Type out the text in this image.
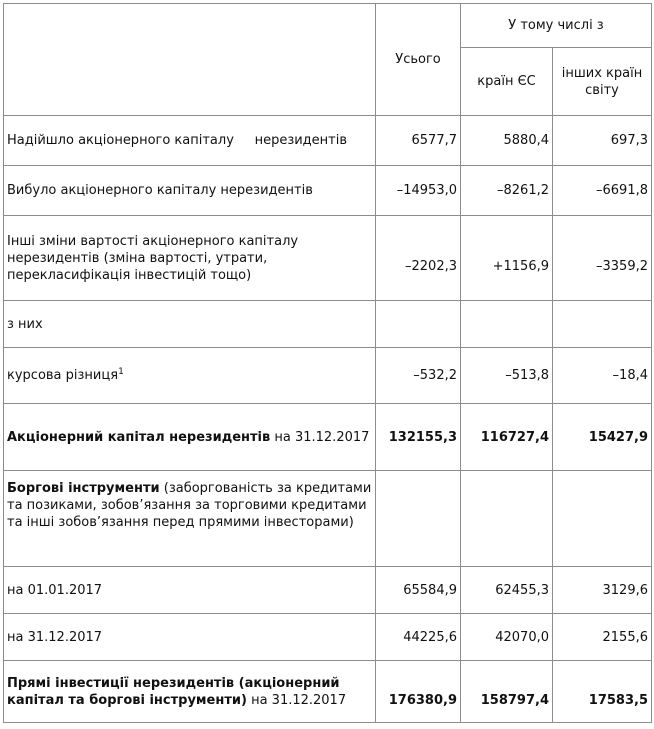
	Усього	У тому числі з	
		країн ЄС	інших країн світу
Надійшло акціонерного капіталу     нерезидентів	6577,7	5880,4	697,3
Вибуло акціонерного капіталу нерезидентів	–14953,0	–8261,2	–6691,8
Інші зміни вартості акціонерного капіталу нерезидентів (зміна вартості, утрати, перекласифікація інвестицій тощо)	–2202,3	+1156,9	–3359,2
з них			
курсова різниця$^1$	–532,2	–513,8	–18,4
Акціонерний капітал нерезидентів на 31.12.2017	132155,3	116727,4	15427,9
Боргові інструменти (заборгованість за кредитами та позиками, зобов’язання за торговими кредитами та інші зобов’язання перед прямими інвесторами)			
на 01.01.2017	65584,9	62455,3	3129,6
на 31.12.2017	44225,6	42070,0	2155,6
Прямі інвестиції нерезидентів (акціонерний капітал та боргові інструменти) на 31.12.2017	176380,9	158797,4	17583,5
